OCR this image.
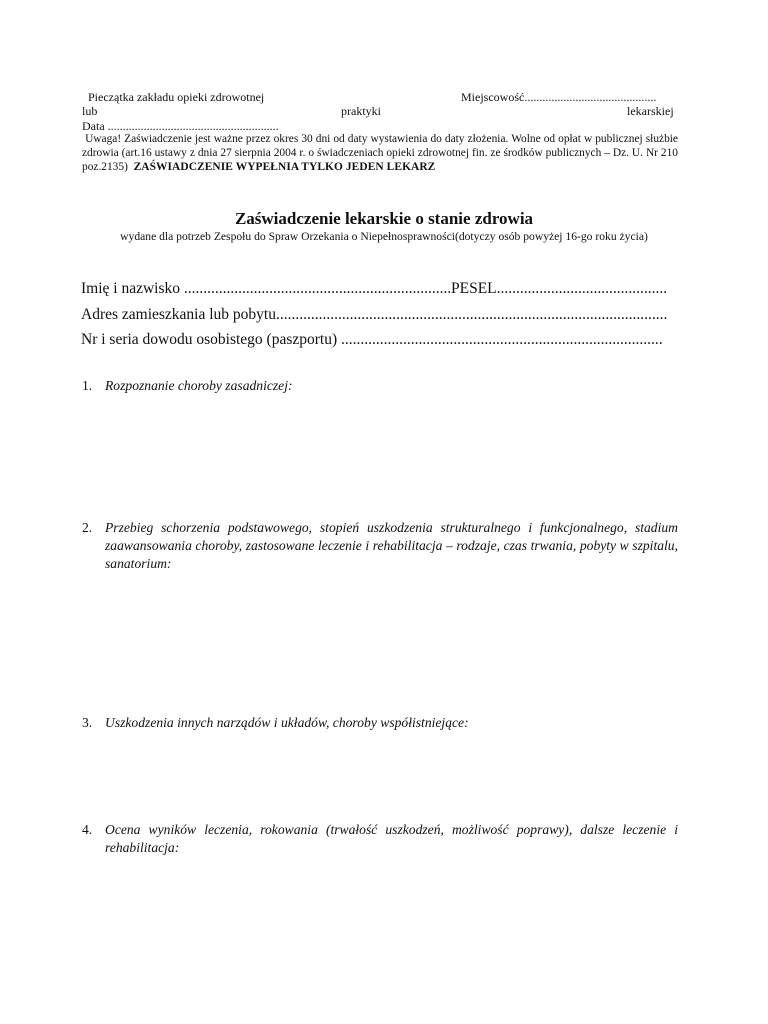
Pieczątka zakładu opieki zdrowotnej	Miejscowość............................................
lub	praktyki	lekarskiej
Data .........................................................
Uwaga! Zaświadczenie jest ważne przez okres 30 dni od daty wystawienia do daty złożenia. Wolne od opłat w publicznej służbie zdrowia (art.16 ustawy z dnia 27 sierpnia 2004 r. o świadczeniach opieki zdrowotnej fin. ze środków publicznych – Dz. U. Nr 210 poz.2135) ZAŚWIADCZENIE WYPEŁNIA TYLKO JEDEN LEKARZ
Zaświadczenie lekarskie o stanie zdrowia
wydane dla potrzeb Zespołu do Spraw Orzekania o Niepełnosprawności(dotyczy osób powyżej 16-go roku życia)
Imię i nazwisko ..................................................................... PESEL............................................
Adres zamieszkania lub pobytu.....................................................................................................
Nr i seria dowodu osobistego (paszportu) ...................................................................................
1. Rozpoznanie choroby zasadniczej:
2. Przebieg schorzenia podstawowego, stopień uszkodzenia strukturalnego i funkcjonalnego, stadium zaawansowania choroby, zastosowane leczenie i rehabilitacja – rodzaje, czas trwania, pobyty w szpitalu, sanatorium:
3. Uszkodzenia innych narządów i układów, choroby współistniejące:
4. Ocena wyników leczenia, rokowania (trwałość uszkodzeń, możliwość poprawy), dalsze leczenie i rehabilitacja:
